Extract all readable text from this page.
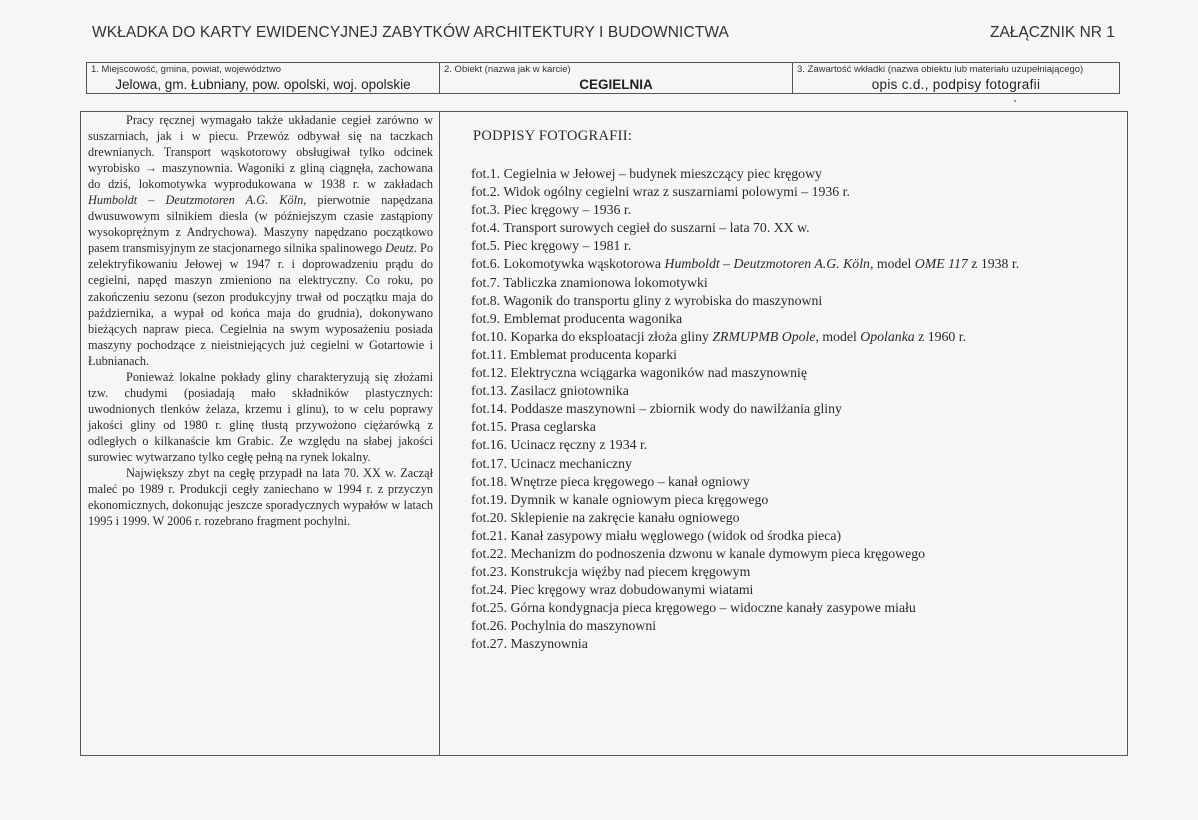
WKŁADKA DO KARTY EWIDENCYJNEJ ZABYTKÓW ARCHITEKTURY I BUDOWNICTWA	ZAŁĄCZNIK NR 1
1. Miejscowość, gmina, powiat, województwo
Jelowa, gm. Łubniany, pow. opolski, woj. opolskie
2. Obiekt (nazwa jak w karcie)
CEGIELNIA
3. Zawartość wkładki (nazwa obiektu lub materiału uzupełniającego)
opis c.d., podpisy fotografii

Pracy ręcznej wymagało także układanie cegieł zarówno w suszarniach, jak i w piecu. Przewóz odbywał się na taczkach drewnianych. Transport wąskotorowy obsługiwał tylko odcinek wyrobisko → maszynownia. Wagoniki z gliną ciągnęła, zachowana do dziś, lokomotywka wyprodukowana w 1938 r. w zakładach Humboldt – Deutzmotoren A.G. Köln, pierwotnie napędzana dwusuwowym silnikiem diesla (w późniejszym czasie zastąpiony wysokoprężnym z Andrychowa). Maszyny napędzano początkowo pasem transmisyjnym ze stacjonarnego silnika spalinowego Deutz. Po zelektryfikowaniu Jełowej w 1947 r. i doprowadzeniu prądu do cegielni, napęd maszyn zmieniono na elektryczny. Co roku, po zakończeniu sezonu (sezon produkcyjny trwał od początku maja do października, a wypał od końca maja do grudnia), dokonywano bieżących napraw pieca. Cegielnia na swym wyposażeniu posiada maszyny pochodzące z nieistniejących już cegielni w Gotartowie i Łubnianach.

Ponieważ lokalne pokłady gliny charakteryzują się złożami tzw. chudymi (posiadają mało składników plastycznych: uwodnionych tlenków żelaza, krzemu i glinu), to w celu poprawy jakości gliny od 1980 r. glinę tłustą przywożono ciężarówką z odległych o kilkanaście km Grabic. Ze względu na słabej jakości surowiec wytwarzano tylko cegłę pełną na rynek lokalny.

Największy zbyt na cegłę przypadł na lata 70. XX w. Zaczął maleć po 1989 r. Produkcji cegły zaniechano w 1994 r. z przyczyn ekonomicznych, dokonując jeszcze sporadycznych wypałów w latach 1995 i 1999. W 2006 r. rozebrano fragment pochylni.

PODPISY FOTOGRAFII:
fot.1. Cegielnia w Jełowej – budynek mieszczący piec kręgowy
fot.2. Widok ogólny cegielni wraz z suszarniami polowymi – 1936 r.
fot.3. Piec kręgowy – 1936 r.
fot.4. Transport surowych cegieł do suszarni – lata 70. XX w.
fot.5. Piec kręgowy – 1981 r.
fot.6. Lokomotywka wąskotorowa Humboldt – Deutzmotoren A.G. Köln, model OME 117 z 1938 r.
fot.7. Tabliczka znamionowa lokomotywki
fot.8. Wagonik do transportu gliny z wyrobiska do maszynowni
fot.9. Emblemat producenta wagonika
fot.10. Koparka do eksploatacji złoża gliny ZRMUPMB Opole, model Opolanka z 1960 r.
fot.11. Emblemat producenta koparki
fot.12. Elektryczna wciągarka wagoników nad maszynownię
fot.13. Zasilacz gniotownika
fot.14. Poddasze maszynowni – zbiornik wody do nawilżania gliny
fot.15. Prasa ceglarska
fot.16. Ucinacz ręczny z 1934 r.
fot.17. Ucinacz mechaniczny
fot.18. Wnętrze pieca kręgowego – kanał ogniowy
fot.19. Dymnik w kanale ogniowym pieca kręgowego
fot.20. Sklepienie na zakręcie kanału ogniowego
fot.21. Kanał zasypowy miału węglowego (widok od środka pieca)
fot.22. Mechanizm do podnoszenia dzwonu w kanale dymowym pieca kręgowego
fot.23. Konstrukcja więźby nad piecem kręgowym
fot.24. Piec kręgowy wraz dobudowanymi wiatami
fot.25. Górna kondygnacja pieca kręgowego – widoczne kanały zasypowe miału
fot.26. Pochylnia do maszynowni
fot.27. Maszynownia
